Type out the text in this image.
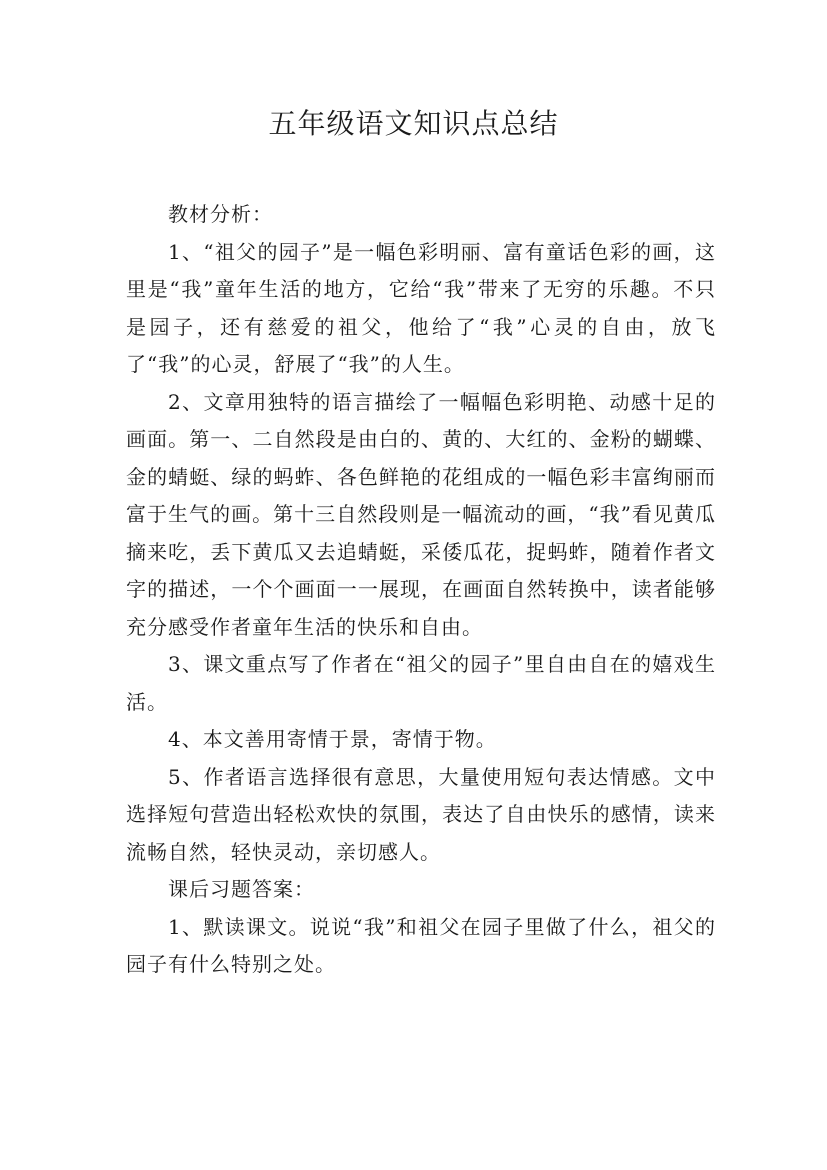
五年级语文知识点总结

教材分析：

1、“祖父的园子”是一幅色彩明丽、富有童话色彩的画，这里是“我”童年生活的地方，它给“我”带来了无穷的乐趣。不只是园子，还有慈爱的祖父，他给了“我”心灵的自由，放飞了“我”的心灵，舒展了“我”的人生。

2、文章用独特的语言描绘了一幅幅色彩明艳、动感十足的画面。第一、二自然段是由白的、黄的、大红的、金粉的蝴蝶、金的蜻蜓、绿的蚂蚱、各色鲜艳的花组成的一幅色彩丰富绚丽而富于生气的画。第十三自然段则是一幅流动的画，“我”看见黄瓜摘来吃，丢下黄瓜又去追蜻蜓，采倭瓜花，捉蚂蚱，随着作者文字的描述，一个个画面一一展现，在画面自然转换中，读者能够充分感受作者童年生活的快乐和自由。

3、课文重点写了作者在“祖父的园子”里自由自在的嬉戏生活。

4、本文善用寄情于景，寄情于物。

5、作者语言选择很有意思，大量使用短句表达情感。文中选择短句营造出轻松欢快的氛围，表达了自由快乐的感情，读来流畅自然，轻快灵动，亲切感人。

课后习题答案：

1、默读课文。说说“我”和祖父在园子里做了什么，祖父的园子有什么特别之处。
